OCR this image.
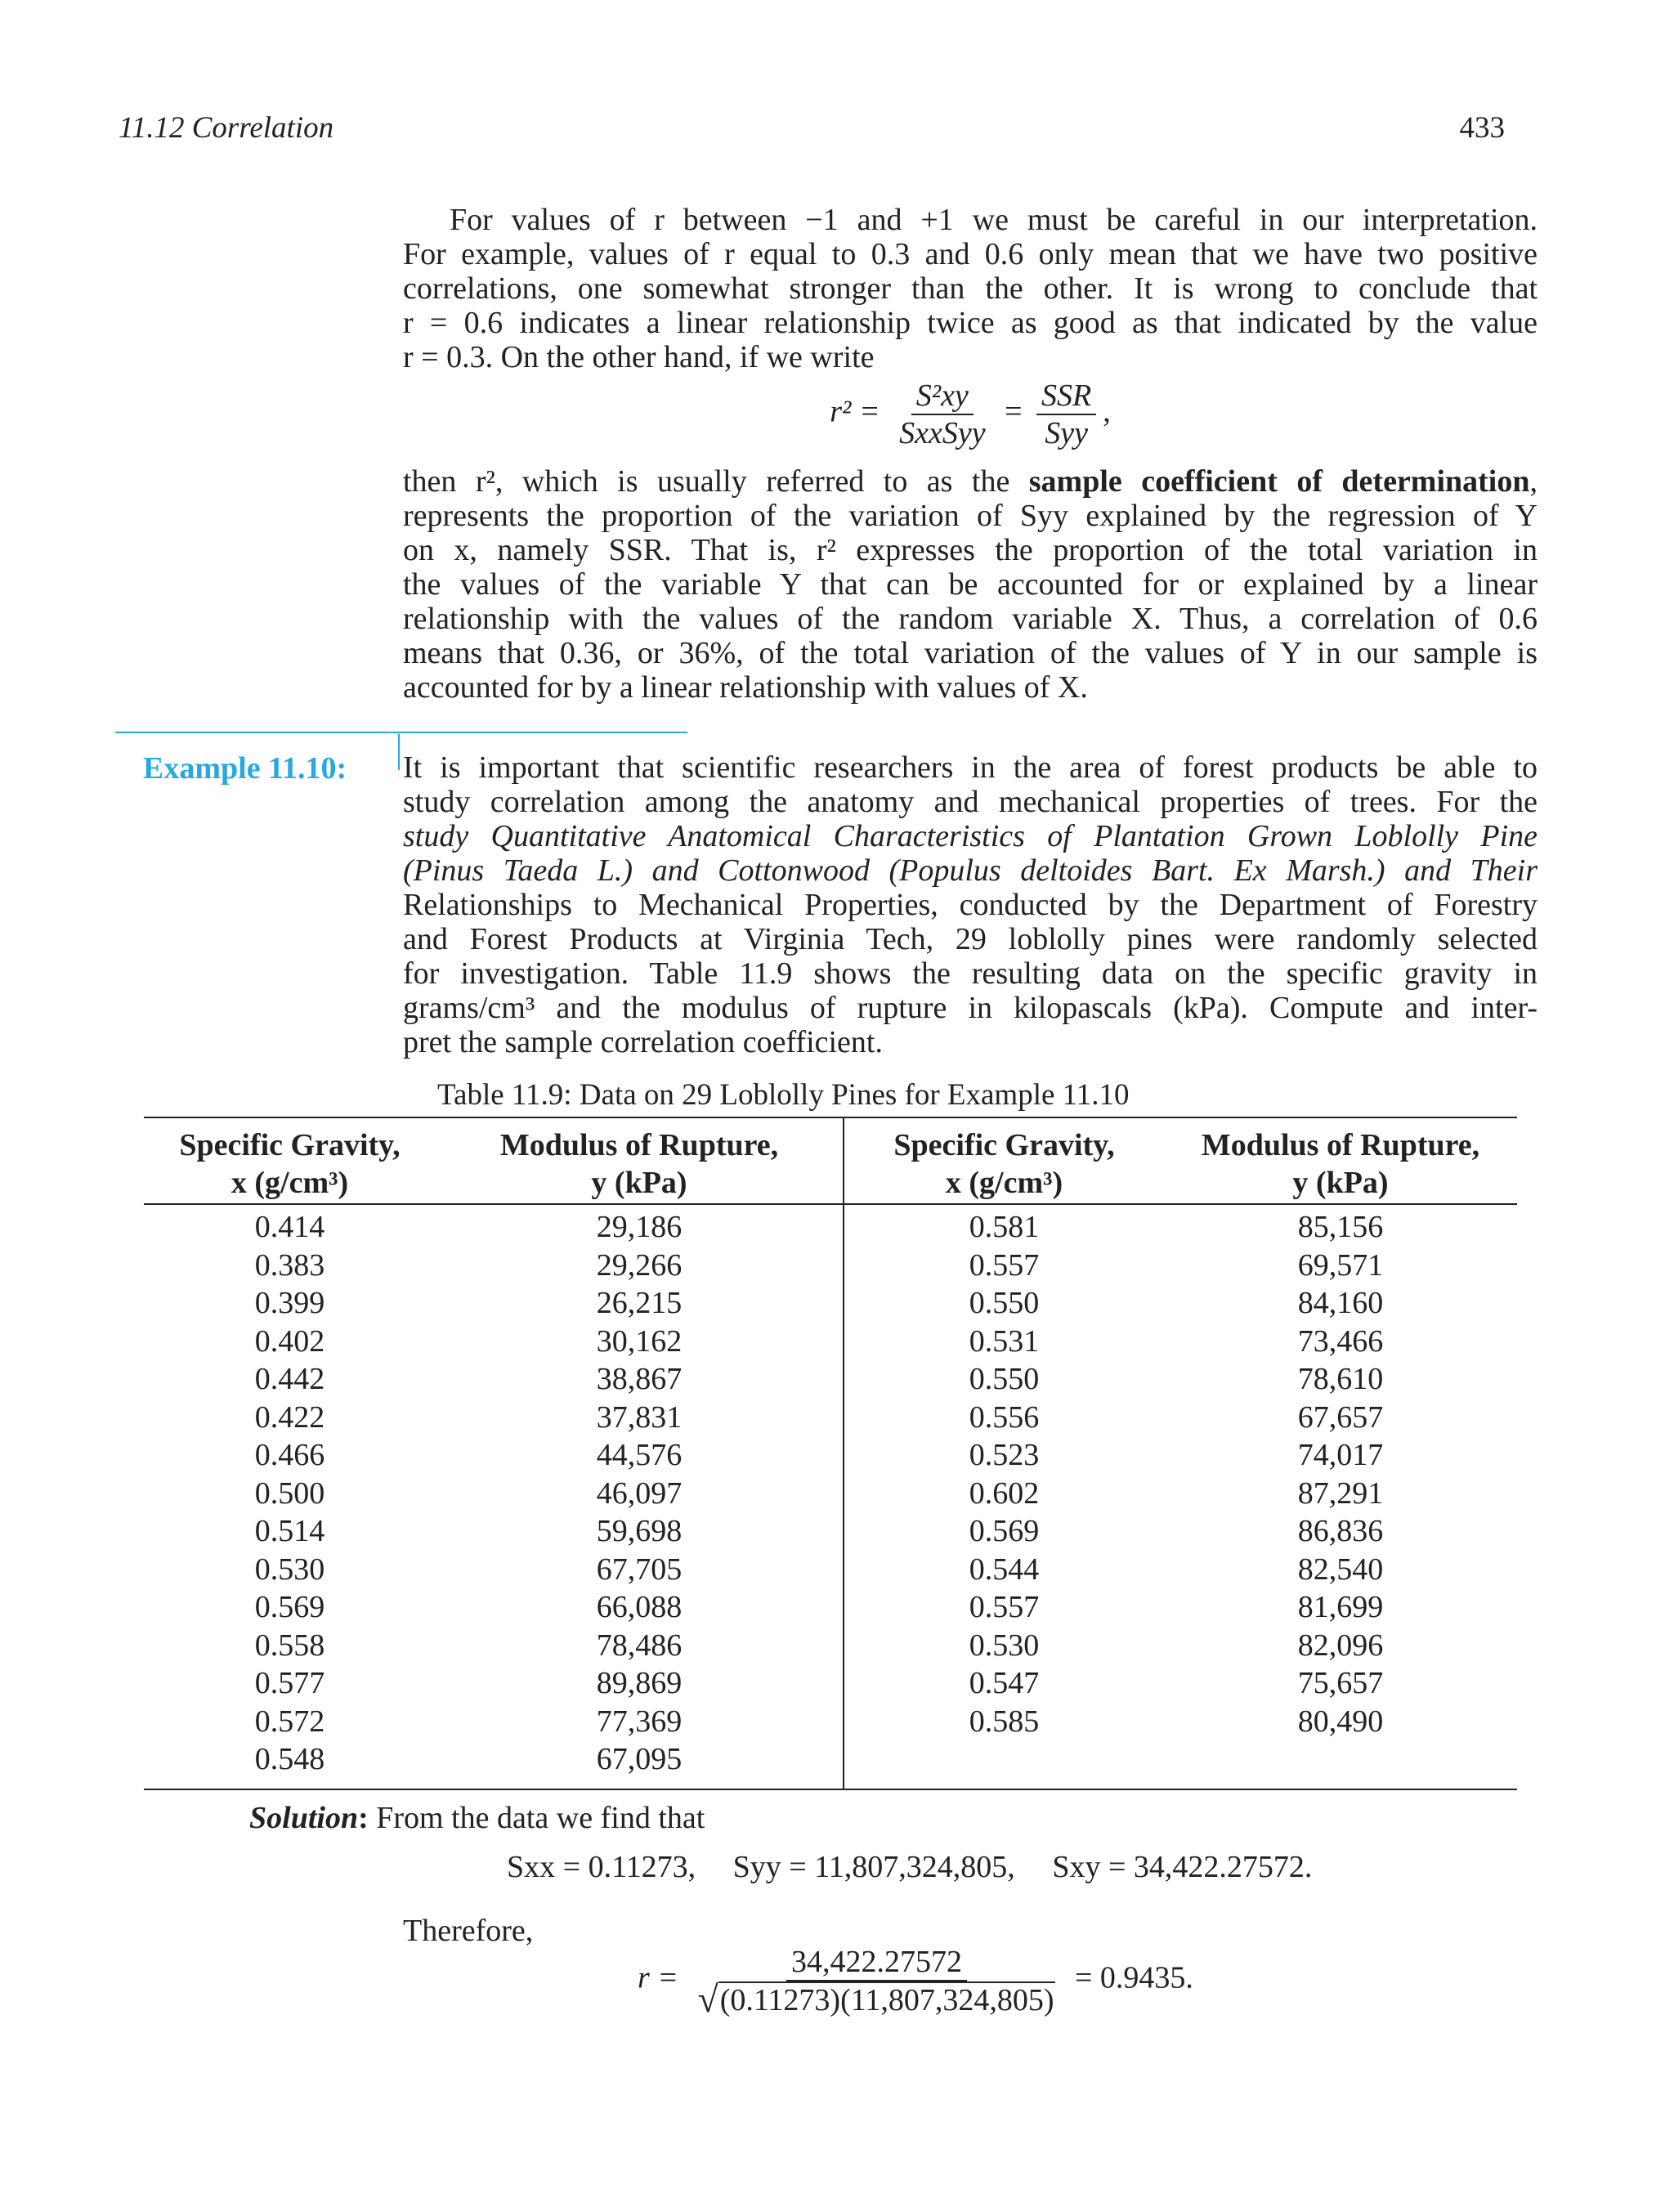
11.12 Correlation	433

For values of r between −1 and +1 we must be careful in our interpretation.
For example, values of r equal to 0.3 and 0.6 only mean that we have two positive
correlations, one somewhat stronger than the other. It is wrong to conclude that
r = 0.6 indicates a linear relationship twice as good as that indicated by the value
r = 0.3. On the other hand, if we write

$r^2 = \frac{\text{S²xy}}{\text{SxxSyy}} = \frac{\text{SSR}}{\text{Syy}}$ ,

then r², which is usually referred to as the sample coefficient of determination,
represents the proportion of the variation of Syy explained by the regression of Y
on x, namely SSR. That is, r² expresses the proportion of the total variation in
the values of the variable Y that can be accounted for or explained by a linear
relationship with the values of the random variable X. Thus, a correlation of 0.6
means that 0.36, or 36%, of the total variation of the values of Y in our sample is
accounted for by a linear relationship with values of X.

Example 11.10: It is important that scientific researchers in the area of forest products be able to
study correlation among the anatomy and mechanical properties of trees. For the
study Quantitative Anatomical Characteristics of Plantation Grown Loblolly Pine
(Pinus Taeda L.) and Cottonwood (Populus deltoides Bart. Ex Marsh.) and Their
Relationships to Mechanical Properties, conducted by the Department of Forestry
and Forest Products at Virginia Tech, 29 loblolly pines were randomly selected
for investigation. Table 11.9 shows the resulting data on the specific gravity in
grams/cm³ and the modulus of rupture in kilopascals (kPa). Compute and inter-
pret the sample correlation coefficient.

Table 11.9: Data on 29 Loblolly Pines for Example 11.10

Specific Gravity,	Modulus of Rupture,	Specific Gravity,	Modulus of Rupture,
x (g/cm³)	y (kPa)	x (g/cm³)	y (kPa)
0.414	29,186	0.581	85,156
0.383	29,266	0.557	69,571
0.399	26,215	0.550	84,160
0.402	30,162	0.531	73,466
0.442	38,867	0.550	78,610
0.422	37,831	0.556	67,657
0.466	44,576	0.523	74,017
0.500	46,097	0.602	87,291
0.514	59,698	0.569	86,836
0.530	67,705	0.544	82,540
0.569	66,088	0.557	81,699
0.558	78,486	0.530	82,096
0.577	89,869	0.547	75,657
0.572	77,369	0.585	80,490
0.548	67,095		

Solution: From the data we find that
Sxx = 0.11273, Syy = 11,807,324,805, Sxy = 34,422.27572.
Therefore,
$r = \frac{34,422.27572}{√ (0.11273)(11,807,324,805)} = 0.9435$.
